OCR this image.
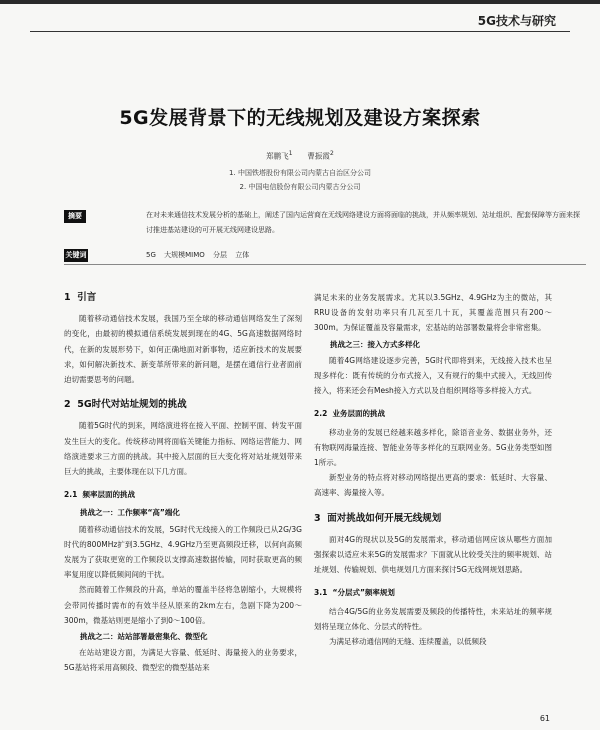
5G技术与研究
5G发展背景下的无线规划及建设方案探索
郑鹏飞$^1$ 曹振霞$^2$
1. 中国铁塔股份有限公司内蒙古自治区分公司
2. 中国电信股份有限公司内蒙古分公司
摘要	在对未来通信技术发展分析的基础上，阐述了国内运营商在无线网络建设方面将面临的挑战，并从频率规划、站址组织、配套保障等方面来探讨推进基站建设的可开展无线网建设思路。
关键词	5G 大规模MIMO 分层 立体
1 引言

随着移动通信技术发展，我国乃至全球的移动通信网络发生了深刻的变化，由最初的模拟通信系统发展到现在的4G、5G高速数据网络时代，在新的发展形势下，如何正确地面对新事物，适应新技术的发展要求，如何解决新技术、新变革所带来的新问题，是摆在通信行业者面前迫切需要思考的问题。

2 5G时代对站址规划的挑战

随着5G时代的到来，网络演进将在接入平面、控制平面、转发平面发生巨大的变化。传统移动网将面临关键能力指标、网络运营能力、网络演进要求三方面的挑战。其中接入层面的巨大变化将对站址规划带来巨大的挑战，主要体现在以下几方面。

2.1 频率层面的挑战
挑战之一：工作频率“高”端化

随着移动通信技术的发展，5G时代无线接入的工作频段已从2G/3G时代的800MHz扩到3.5GHz、4.9GHz乃至更高频段迁移，以何向高频发展为了获取更宽的工作频段以支撑高速数据传输，同时获取更高的频率复用度以降低频间间的干扰。

然而随着工作频段的升高，单站的覆盖半径将急剧缩小，大规模将会带同传播时需布的有效半径从原来的2km左右，急剧下降为200～300m，微基站则更是缩小了到0～100倍。

挑战之二：站站部署最密集化、微型化

在站站建设方面，为满足大容量、低延时、海量接入的业务要求，5G基站将采用高频段、微型宏的微型基站来

满足未来的业务发展需求。尤其以3.5GHz、4.9GHz为主的微站，其RRU设备的发射功率只有几瓦至几十瓦，其覆盖范围只有200～300m。为保证覆盖及容量需求，宏基站的站部署数量将会非常密集。

挑战之三：接入方式多样化

随着4G网络建设逐步完善，5G时代即将到来，无线接入技术也呈现多样化：既有传统的分布式接入，又有规行的集中式接入，无线回传接入，将来还会有Mesh接入方式以及自组织网络等多样接入方式。

2.2 业务层面的挑战

移动业务的发展已经越来越多样化，除语音业务、数据业务外，还有物联网海量连接、智能业务等多样化的互联网业务。5G业务类型如图1所示。

新型业务的特点将对移动网络提出更高的要求：低延时、大容量、高速率、海量接入等。

3 面对挑战如何开展无线规划

面对4G的现状以及5G的发展需求，移动通信网应该从哪些方面加强探索以适应未来5G的发展需求？下面就从比较受关注的频率规划、站址规划、传输规划、供电规划几方面来探讨5G无线网规划思路。

3.1 “分层式”频率规划

结合4G/5G的业务发展需要及频段的传播特性，未来站址的频率规划将呈现立体化、分层式的特性。

为满足移动通信网的无缝、连续覆盖，以低频段

61
